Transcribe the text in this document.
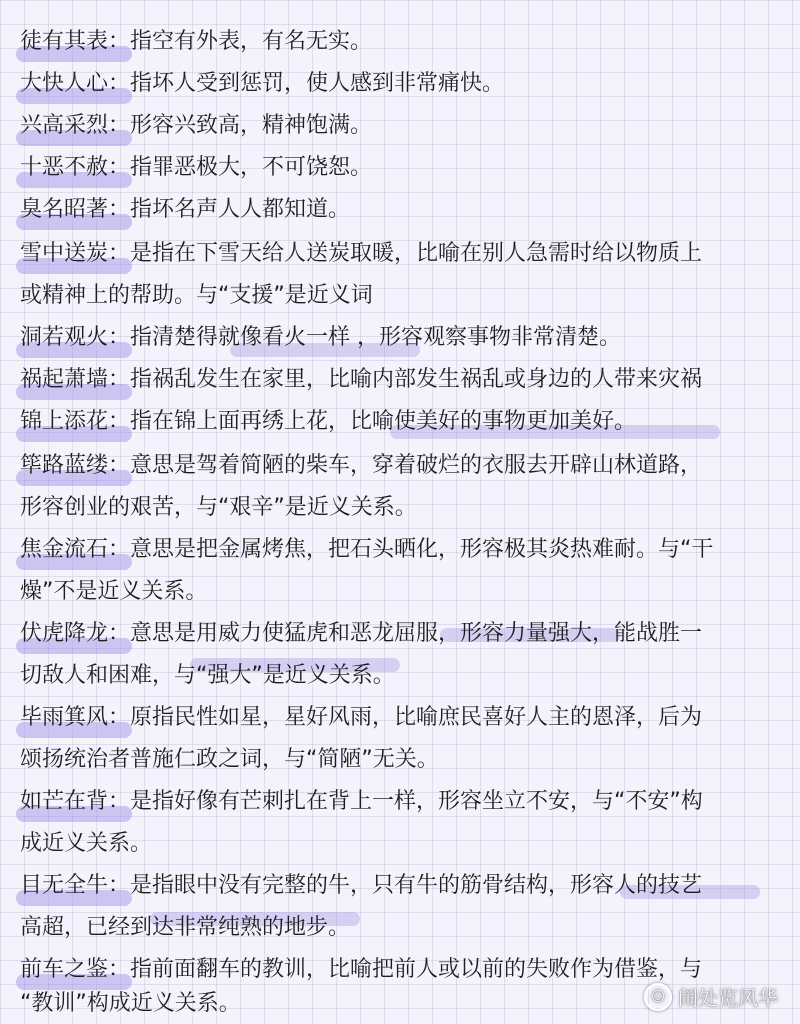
徒有其表：指空有外表，有名无实。
大快人心：指坏人受到惩罚，使人感到非常痛快。
兴高采烈：形容兴致高，精神饱满。
十恶不赦：指罪恶极大，不可饶恕。
臭名昭著：指坏名声人人都知道。
雪中送炭：是指在下雪天给人送炭取暖，比喻在别人急需时给以物质上
或精神上的帮助。与“支援”是近义词
洞若观火：指清楚得就像看火一样 ，形容观察事物非常清楚。
祸起萧墙：指祸乱发生在家里，比喻内部发生祸乱或身边的人带来灾祸
锦上添花：指在锦上面再绣上花，比喻使美好的事物更加美好。
筚路蓝缕：意思是驾着简陋的柴车，穿着破烂的衣服去开辟山林道路，
形容创业的艰苦，与“艰辛”是近义关系。
焦金流石：意思是把金属烤焦，把石头晒化，形容极其炎热难耐。与“干
燥”不是近义关系。
伏虎降龙：意思是用威力使猛虎和恶龙屈服，形容力量强大，能战胜一
切敌人和困难，与“强大”是近义关系。
毕雨箕风：原指民性如星，星好风雨，比喻庶民喜好人主的恩泽，后为
颂扬统治者普施仁政之词，与“简陋”无关。
如芒在背：是指好像有芒刺扎在背上一样，形容坐立不安，与“不安”构
成近义关系。
目无全牛：是指眼中没有完整的牛，只有牛的筋骨结构，形容人的技艺
高超，已经到达非常纯熟的地步。
前车之鉴：指前面翻车的教训，比喻把前人或以前的失败作为借鉴，与
“教训”构成近义关系。	☺ 闹处览风华
